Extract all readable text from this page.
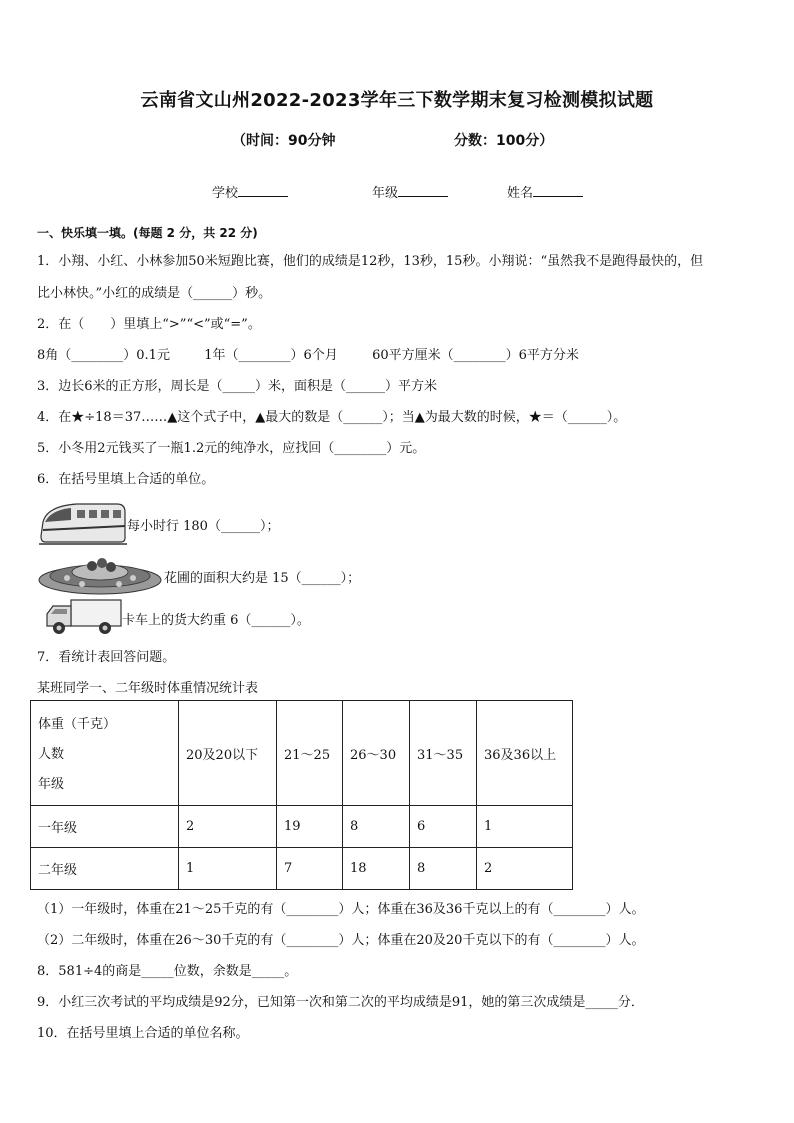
云南省文山州2022-2023学年三下数学期末复习检测模拟试题
（时间：90分钟	分数：100分）
学校	年级	姓名
一、快乐填一填。(每题 2 分，共 22 分)
1．小翔、小红、小林参加50米短跑比赛，他们的成绩是12秒，13秒，15秒。小翔说：“虽然我不是跑得最快的，但
比小林快。”小红的成绩是（______）秒。
2．在（　　）里填上“>”“<”或“=”。
8角（________）0.1元	1年（________）6个月	60平方厘米（________）6平方分米
3．边长6米的正方形，周长是（_____）米，面积是（______）平方米
4．在★÷18＝37……▲这个式子中，▲最大的数是（______）；当▲为最大数的时候，★＝（______）。
5．小冬用2元钱买了一瓶1.2元的纯净水，应找回（________）元。
6．在括号里填上合适的单位。
每小时行 180（______）；
花圃的面积大约是 15（______）；
卡车上的货大约重 6（______）。
7．看统计表回答问题。
某班同学一、二年级时体重情况统计表
体重（千克）
人数
年级	20及20以下	21～25	26～30	31～35	36及36以上
一年级	2	19	8	6	1
二年级	1	7	18	8	2
（1）一年级时，体重在21～25千克的有（________）人；体重在36及36千克以上的有（________）人。
（2）二年级时，体重在26～30千克的有（________）人；体重在20及20千克以下的有（________）人。
8．581÷4的商是_____位数，余数是_____。
9．小红三次考试的平均成绩是92分，已知第一次和第二次的平均成绩是91，她的第三次成绩是_____分．
10．在括号里填上合适的单位名称。
